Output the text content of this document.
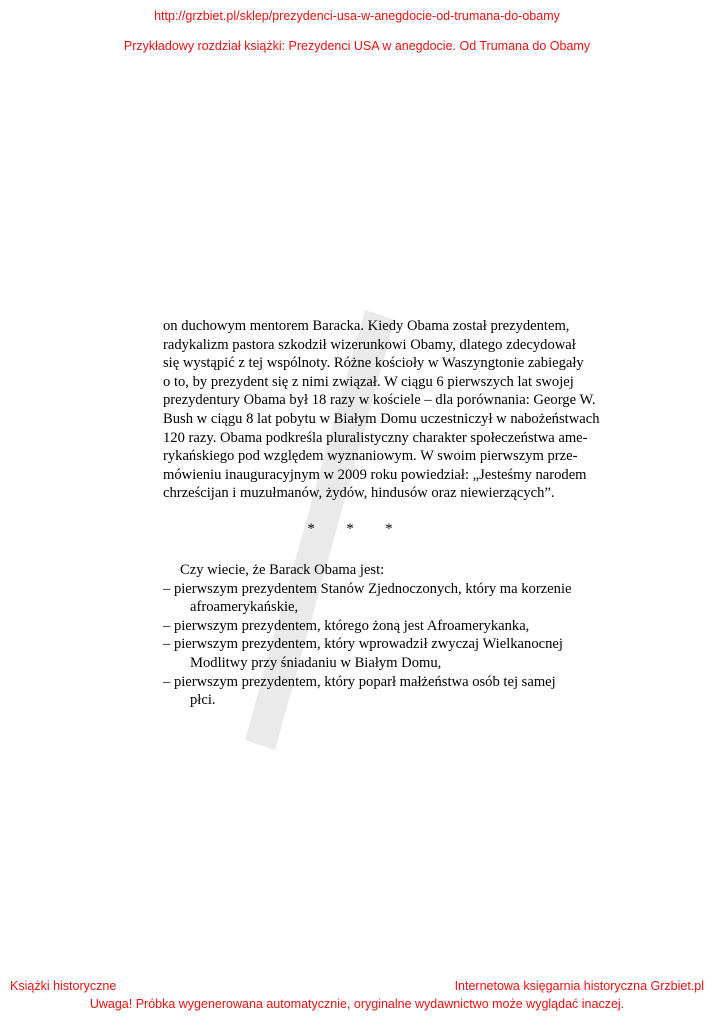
http://grzbiet.pl/sklep/prezydenci-usa-w-anegdocie-od-trumana-do-obamy
Przykładowy rozdział książki: Prezydenci USA w anegdocie. Od Trumana do Obamy
on duchowym mentorem Baracka. Kiedy Obama został prezydentem,
radykalizm pastora szkodził wizerunkowi Obamy, dlatego zdecydował
się wystąpić z tej wspólnoty. Różne kościoły w Waszyngtonie zabiegały
o to, by prezydent się z nimi związał. W ciągu 6 pierwszych lat swojej
prezydentury Obama był 18 razy w kościele – dla porównania: George W.
Bush w ciągu 8 lat pobytu w Białym Domu uczestniczył w nabożeństwach
120 razy. Obama podkreśla pluralistyczny charakter społeczeństwa ame-
rykańskiego pod względem wyznaniowym. W swoim pierwszym prze-
mówieniu inauguracyjnym w 2009 roku powiedział: „Jesteśmy narodem
chrześcijan i muzułmanów, żydów, hindusów oraz niewierzących”.
* * *
Czy wiecie, że Barack Obama jest:
– pierwszym prezydentem Stanów Zjednoczonych, który ma korzenie
afroamerykańskie,
– pierwszym prezydentem, którego żoną jest Afroamerykanka,
– pierwszym prezydentem, który wprowadził zwyczaj Wielkanocnej
Modlitwy przy śniadaniu w Białym Domu,
– pierwszym prezydentem, który poparł małżeństwa osób tej samej
płci.
Książki historyczne	Internetowa księgarnia historyczna Grzbiet.pl
Uwaga! Próbka wygenerowana automatycznie, oryginalne wydawnictwo może wyglądać inaczej.
